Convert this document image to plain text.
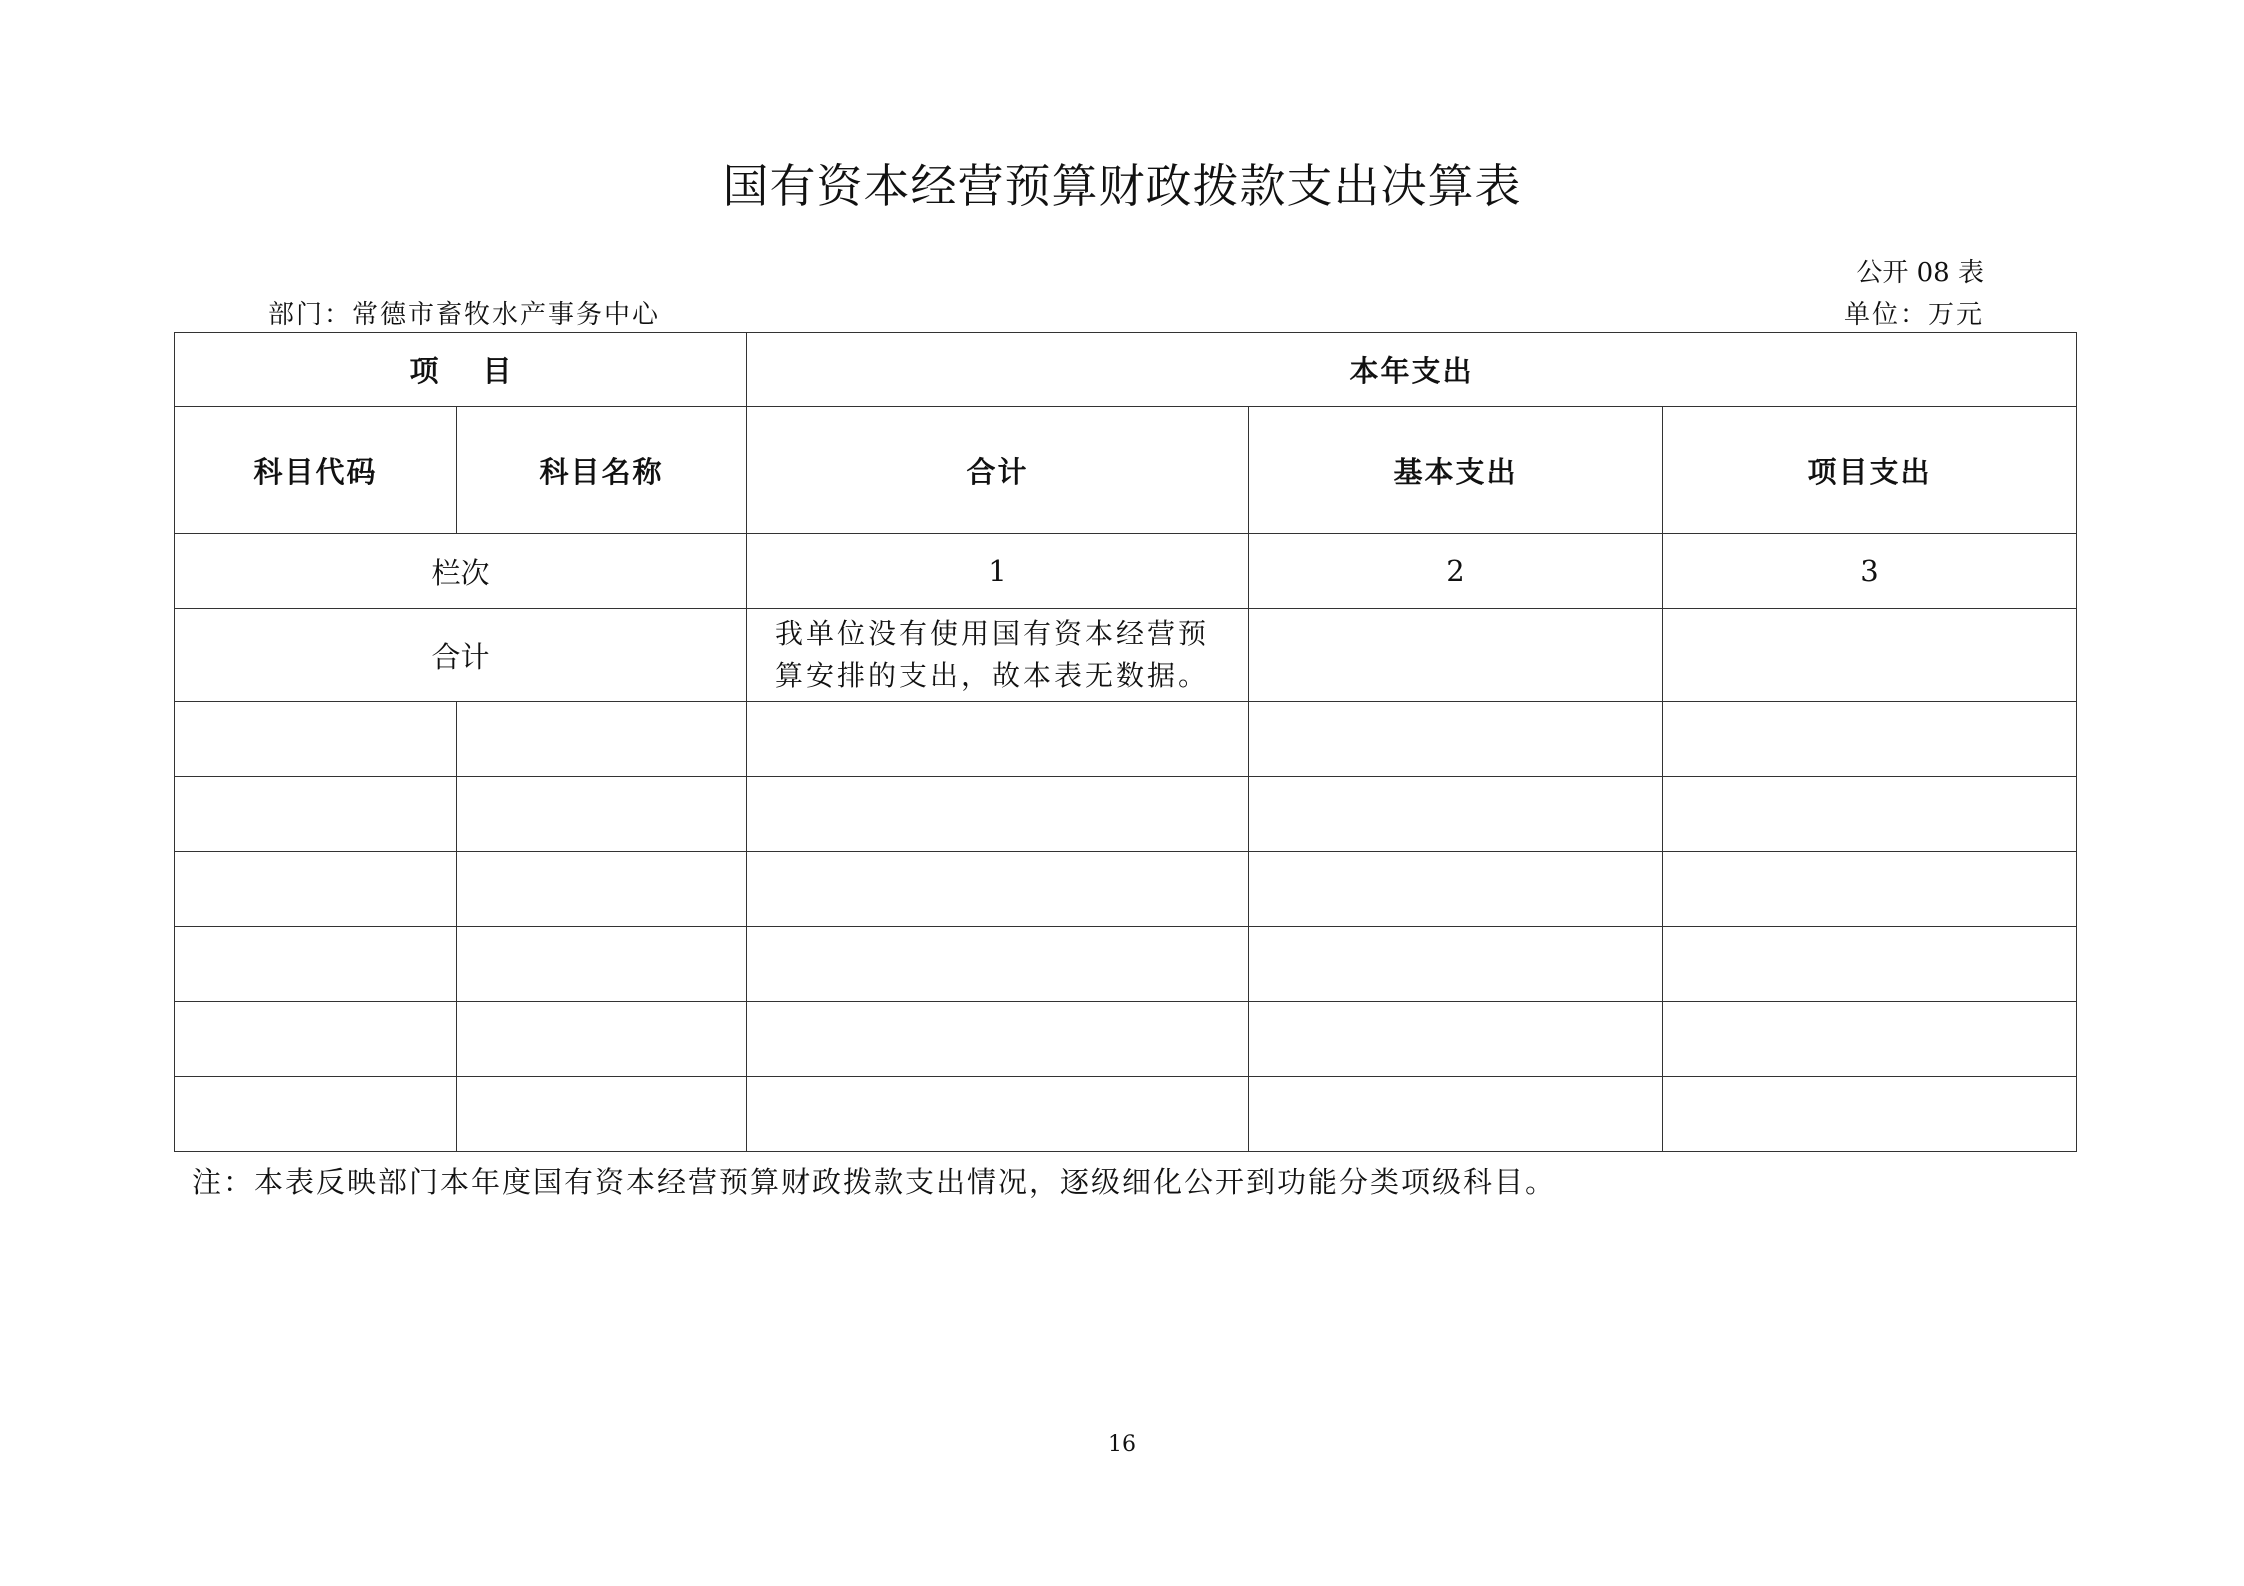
国有资本经营预算财政拨款支出决算表
公开 08 表
部门：常德市畜牧水产事务中心	单位：万元
项目		本年支出		
科目代码	科目名称	合计	基本支出	项目支出
栏次		1	2	3
合计		我单位没有使用国有资本经营预算安排的支出，故本表无数据。		

注：本表反映部门本年度国有资本经营预算财政拨款支出情况，逐级细化公开到功能分类项级科目。
16
